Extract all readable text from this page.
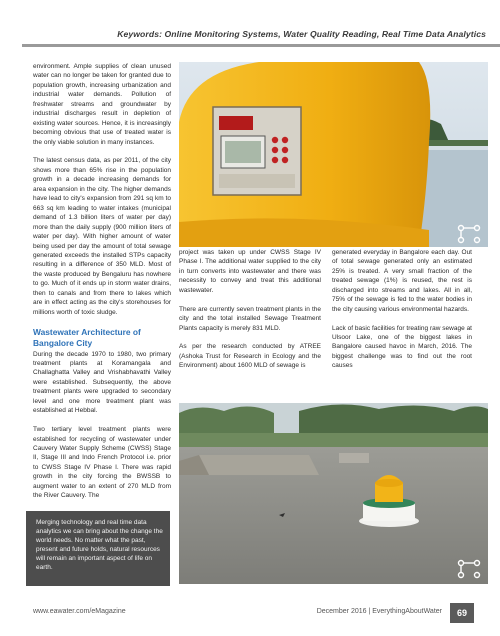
Keywords: Online Monitoring Systems, Water Quality Reading, Real Time Data Analytics

environment. Ample supplies of clean unused water can no longer be taken for granted due to population growth, increasing urbanization and industrial water demands. Pollution of freshwater streams and groundwater by industrial discharges result in depletion of existing water sources. Hence, it is increasingly becoming obvious that use of treated water is the only viable solution in many instances.

The latest census data, as per 2011, of the city shows more than 65% rise in the population growth in a decade increasing demands for area expansion in the city. The higher demands have lead to city's expansion from 291 sq km to 663 sq km leading to water intakes (municipal demand of 1.3 billion liters of water per day) more than the daily supply (900 million liters of water per day). With higher amount of water being used per day the amount of total sewage generated exceeds the installed STPs capacity resulting in a difference of 350 MLD. Most of the waste produced by Bengaluru has nowhere to go. Much of it ends up in storm water drains, then to canals and from there to lakes which are in effect acting as the city's storehouses for millions worth of toxic sludge.

Wastewater Architecture of Bangalore City

During the decade 1970 to 1980, two primary treatment plants at Koramangala and Challaghatta Valley and Vrishabhavathi Valley were established. Subsequently, the above treatment plants were upgraded to secondary level and one more treatment plant was established at Hebbal.

Two tertiary level treatment plants were established for recycling of wastewater under Cauvery Water Supply Scheme (CWSS) Stage II, Stage III and Indo French Protocol i.e. prior to CWSS Stage IV Phase I. There was rapid growth in the city forcing the BWSSB to augment water to an extent of 270 MLD from the River Cauvery. The

project was taken up under CWSS Stage IV Phase I. The additional water supplied to the city in turn converts into wastewater and there was necessity to convey and treat this additional wastewater.

There are currently seven treatment plants in the city and the total installed Sewage Treatment Plants capacity is merely 831 MLD.

As per the research conducted by ATREE (Ashoka Trust for Research in Ecology and the Environment) about 1600 MLD of sewage is

generated everyday in Bangalore each day. Out of total sewage generated only an estimated 25% is treated. A very small fraction of the treated sewage (1%) is reused, the rest is discharged into streams and lakes. All in all, 75% of the sewage is fed to the water bodies in the city causing various environmental hazards.

Lack of basic facilities for treating raw sewage at Ulsoor Lake, one of the biggest lakes in Bangalore caused havoc in March, 2016. The biggest challenge was to find out the root causes

Merging technology and real time data analytics we can bring about the change the world needs. No matter what the past, present and future holds, natural resources will remain an important aspect of life on earth.
www.eawater.com/eMagazine	December 2016 | EverythingAboutWater	69
